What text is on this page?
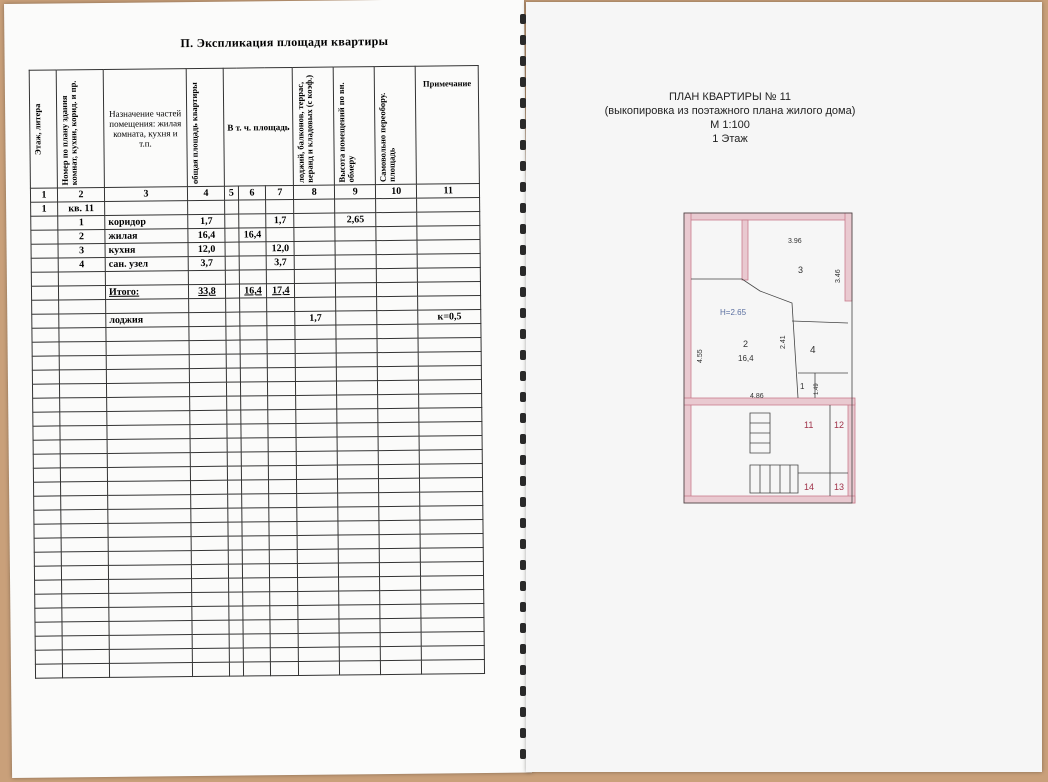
П. Экспликация площади квартиры
Этаж, литера	Номер по плану здания комнат, кухни, корид. и пр.	Назначение частей помещения: жилая комната, кухня и т.п.	общая площадь квартиры	В т. ч. площадь			лоджий, балконов, террас, веранд и кладовых (с коэф.)	Высота помещений по вн. обмеру	Самовольно переобору. площадь	Примечание
1	2	3	4	5	6	7	8	9	10	11
1	кв. 11									
	1	коридор	1,7			1,7		2,65		
	2	жилая	16,4		16,4					
	3	кухня	12,0			12,0				
	4	сан. узел	3,7			3,7				

		Итого:	33,8		16,4	17,4				

		лоджия					1,7			к=0,5

ПЛАН КВАРТИРЫ № 11
(выкопировка из поэтажного плана жилого дома)
М 1:100
1 Этаж
3.96
3	3.46
H=2.65
2.41
2
16,4
4
4.55
1 1.49
4.86
11 12
14 13
